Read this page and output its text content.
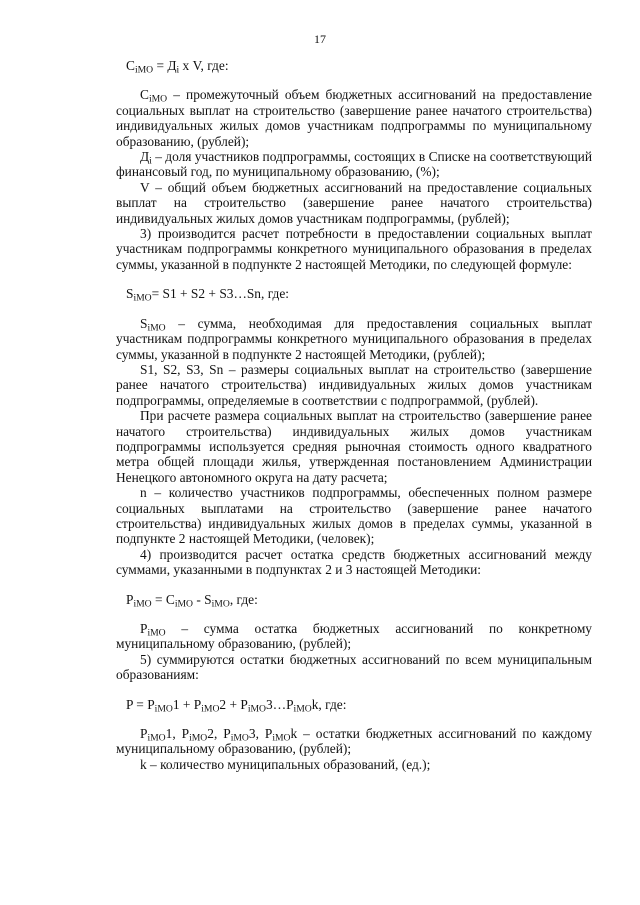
17

$С_{iМО} = Д_i$ х V, где:

$С_{iМО}$ – промежуточный объем бюджетных ассигнований на предоставление социальных выплат на строительство (завершение ранее начатого строительства) индивидуальных жилых домов участникам подпрограммы по муниципальному образованию, (рублей);

$Д_i$ – доля участников подпрограммы, состоящих в Списке на соответствующий финансовый год, по муниципальному образованию, (%);

V – общий объем бюджетных ассигнований на предоставление социальных выплат на строительство (завершение ранее начатого строительства) индивидуальных жилых домов участникам подпрограммы, (рублей);

3) производится расчет потребности в предоставлении социальных выплат участникам подпрограммы конкретного муниципального образования в пределах суммы, указанной в подпункте 2 настоящей Методики, по следующей формуле:

$S_{iМО}= S1 + S2$ + S3…Sn, где:

$S_{iМО}$ – сумма, необходимая для предоставления социальных выплат участникам подпрограммы конкретного муниципального образования в пределах суммы, указанной в подпункте 2 настоящей Методики, (рублей);

S1, S2, S3, Sn – размеры социальных выплат на строительство (завершение ранее начатого строительства) индивидуальных жилых домов участникам подпрограммы, определяемые в соответствии с подпрограммой, (рублей).

При расчете размера социальных выплат на строительство (завершение ранее начатого строительства) индивидуальных жилых домов участникам подпрограммы используется средняя рыночная стоимость одного квадратного метра общей площади жилья, утвержденная постановлением Администрации Ненецкого автономного округа на дату расчета;

n – количество участников подпрограммы, обеспеченных полном размере социальных выплатами на строительство (завершение ранее начатого строительства) индивидуальных жилых домов в пределах суммы, указанной в подпункте 2 настоящей Методики, (человек);

4) производится расчет остатка средств бюджетных ассигнований между суммами, указанными в подпунктах 2 и 3 настоящей Методики:

$P_{iМО} = С_{iМО} - S_{iМО}$, где:

$P_{iМО}$ – сумма остатка бюджетных ассигнований по конкретному муниципальному образованию, (рублей);

5) суммируются остатки бюджетных ассигнований по всем муниципальным образованиям:

$P = P_{iМО}1 + P_{iМО}2$ + $P_{iМО}3\dots P_{iМО}k$, где:

$P_{iМО}1$, $P_{iМО}2$, $P_{iМО}3$, $P_{iМО}k$ – остатки бюджетных ассигнований по каждому муниципальному образованию, (рублей);

k – количество муниципальных образований, (ед.);
